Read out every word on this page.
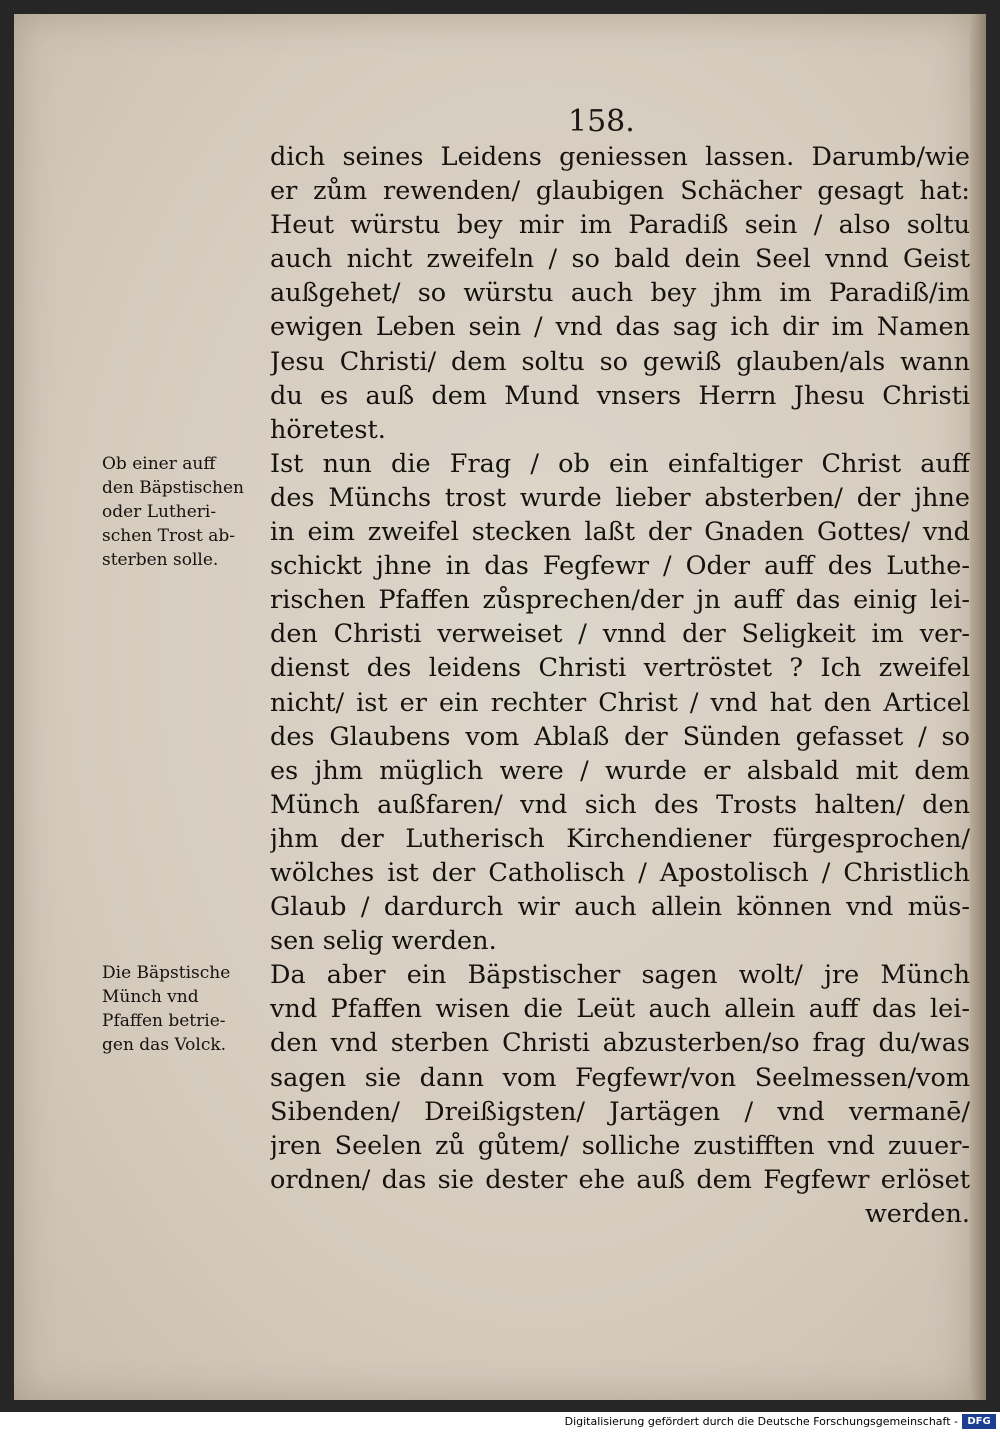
158.
dich seines Leidens geniessen lassen. Darumb/wie
er zům rewenden/ glaubigen Schächer gesagt hat:
Heut würstu bey mir im Paradiß sein / also soltu
auch nicht zweifeln / so bald dein Seel vnnd Geist
außgehet/ so würstu auch bey jhm im Paradiß/im
ewigen Leben sein / vnd das sag ich dir im Namen
Jesu Christi/ dem soltu so gewiß glauben/als wann
du es auß dem Mund vnsers Herrn Jhesu Christi
höretest.
Ist nun die Frag / ob ein einfaltiger Christ auff
des Münchs trost wurde lieber absterben/ der jhne
in eim zweifel stecken laßt der Gnaden Gottes/ vnd
schickt jhne in das Fegfewr / Oder auff des Luthe-
rischen Pfaffen zůsprechen/der jn auff das einig lei-
den Christi verweiset / vnnd der Seligkeit im ver-
dienst des leidens Christi vertröstet ? Ich zweifel
nicht/ ist er ein rechter Christ / vnd hat den Articel
des Glaubens vom Ablaß der Sünden gefasset / so
es jhm müglich were / wurde er alsbald mit dem
Münch außfaren/ vnd sich des Trosts halten/ den
jhm der Lutherisch Kirchendiener fürgesprochen/
wölches ist der Catholisch / Apostolisch / Christlich
Glaub / dardurch wir auch allein können vnd müs-
sen selig werden.
Da aber ein Bäpstischer sagen wolt/ jre Münch
vnd Pfaffen wisen die Leüt auch allein auff das lei-
den vnd sterben Christi abzusterben/so frag du/was
sagen sie dann vom Fegfewr/von Seelmessen/vom
Sibenden/ Dreißigsten/ Jartägen / vnd vermanē/
jren Seelen zů gůtem/ solliche zustifften vnd zuuer-
ordnen/ das sie dester ehe auß dem Fegfewr erlöset
werden.
Ob einer auff
den Bäpstischen
oder Lutheri-
schen Trost ab-
sterben solle.
Die Bäpstische
Münch vnd
Pfaffen betrie-
gen das Volck.
Digitalisierung gefördert durch die Deutsche Forschungsgemeinschaft - DFG
